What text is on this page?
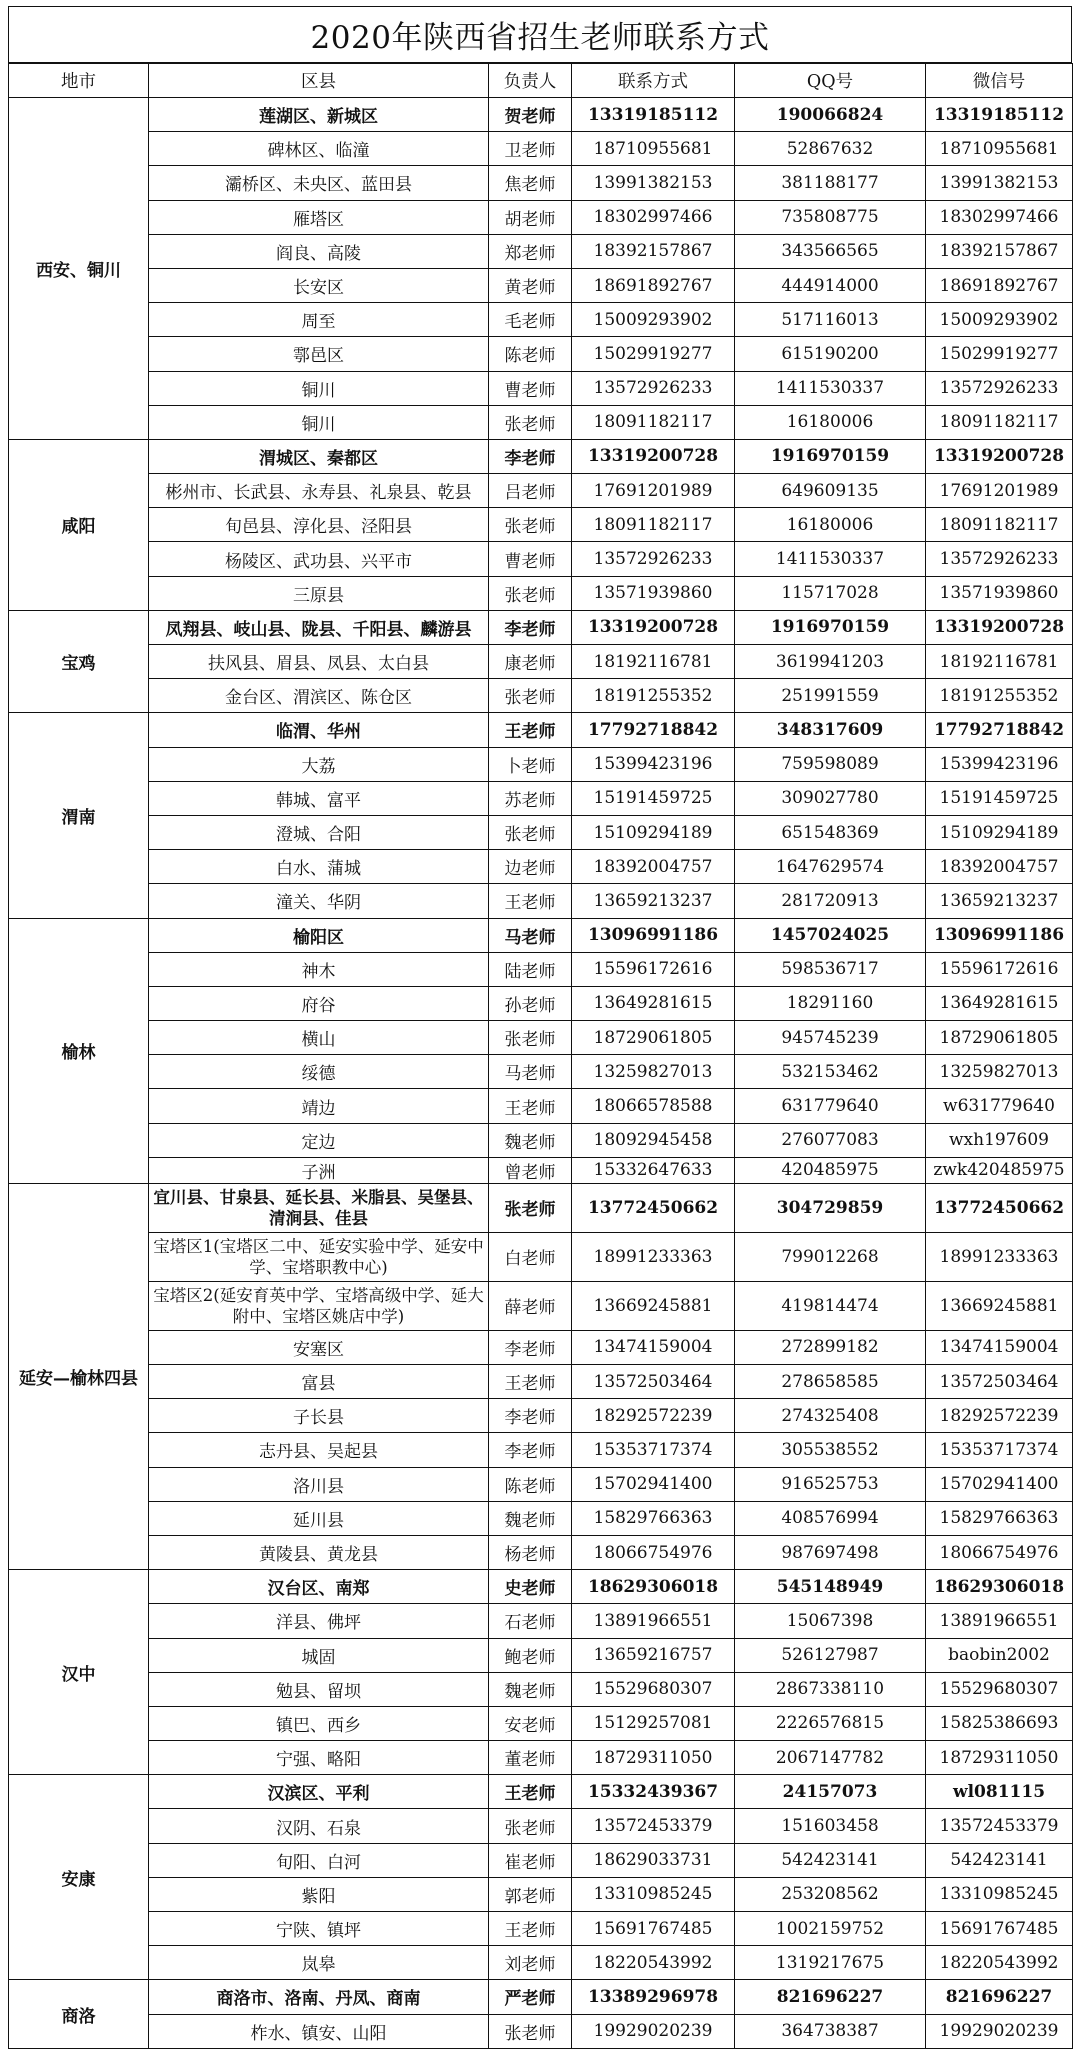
2020年陕西省招生老师联系方式
地市	区县	负责人	联系方式	QQ号	微信号
西安、铜川	莲湖区、新城区	贺老师	13319185112	190066824	13319185112
	碑林区、临潼	卫老师	18710955681	52867632	18710955681
	灞桥区、未央区、蓝田县	焦老师	13991382153	381188177	13991382153
	雁塔区	胡老师	18302997466	735808775	18302997466
	阎良、高陵	郑老师	18392157867	343566565	18392157867
	长安区	黄老师	18691892767	444914000	18691892767
	周至	毛老师	15009293902	517116013	15009293902
	鄠邑区	陈老师	15029919277	615190200	15029919277
	铜川	曹老师	13572926233	1411530337	13572926233
	铜川	张老师	18091182117	16180006	18091182117
咸阳	渭城区、秦都区	李老师	13319200728	1916970159	13319200728
	彬州市、长武县、永寿县、礼泉县、乾县	吕老师	17691201989	649609135	17691201989
	旬邑县、淳化县、泾阳县	张老师	18091182117	16180006	18091182117
	杨陵区、武功县、兴平市	曹老师	13572926233	1411530337	13572926233
	三原县	张老师	13571939860	115717028	13571939860
宝鸡	凤翔县、岐山县、陇县、千阳县、麟游县	李老师	13319200728	1916970159	13319200728
	扶风县、眉县、凤县、太白县	康老师	18192116781	3619941203	18192116781
	金台区、渭滨区、陈仓区	张老师	18191255352	251991559	18191255352
渭南	临渭、华州	王老师	17792718842	348317609	17792718842
	大荔	卜老师	15399423196	759598089	15399423196
	韩城、富平	苏老师	15191459725	309027780	15191459725
	澄城、合阳	张老师	15109294189	651548369	15109294189
	白水、蒲城	边老师	18392004757	1647629574	18392004757
	潼关、华阴	王老师	13659213237	281720913	13659213237
榆林	榆阳区	马老师	13096991186	1457024025	13096991186
	神木	陆老师	15596172616	598536717	15596172616
	府谷	孙老师	13649281615	18291160	13649281615
	横山	张老师	18729061805	945745239	18729061805
	绥德	马老师	13259827013	532153462	13259827013
	靖边	王老师	18066578588	631779640	w631779640
	定边	魏老师	18092945458	276077083	wxh197609
	子洲	曾老师	15332647633	420485975	zwk420485975
延安—榆林四县	宜川县、甘泉县、延长县、米脂县、吴堡县、清涧县、佳县	张老师	13772450662	304729859	13772450662
	宝塔区1(宝塔区二中、延安实验中学、延安中学、宝塔职教中心)	白老师	18991233363	799012268	18991233363
	宝塔区2(延安育英中学、宝塔高级中学、延大附中、宝塔区姚店中学)	薛老师	13669245881	419814474	13669245881
	安塞区	李老师	13474159004	272899182	13474159004
	富县	王老师	13572503464	278658585	13572503464
	子长县	李老师	18292572239	274325408	18292572239
	志丹县、吴起县	李老师	15353717374	305538552	15353717374
	洛川县	陈老师	15702941400	916525753	15702941400
	延川县	魏老师	15829766363	408576994	15829766363
	黄陵县、黄龙县	杨老师	18066754976	987697498	18066754976
汉中	汉台区、南郑	史老师	18629306018	545148949	18629306018
	洋县、佛坪	石老师	13891966551	15067398	13891966551
	城固	鲍老师	13659216757	526127987	baobin2002
	勉县、留坝	魏老师	15529680307	2867338110	15529680307
	镇巴、西乡	安老师	15129257081	2226576815	15825386693
	宁强、略阳	董老师	18729311050	2067147782	18729311050
安康	汉滨区、平利	王老师	15332439367	24157073	wl081115
	汉阴、石泉	张老师	13572453379	151603458	13572453379
	旬阳、白河	崔老师	18629033731	542423141	542423141
	紫阳	郭老师	13310985245	253208562	13310985245
	宁陕、镇坪	王老师	15691767485	1002159752	15691767485
	岚皋	刘老师	18220543992	1319217675	18220543992
商洛	商洛市、洛南、丹凤、商南	严老师	13389296978	821696227	821696227
	柞水、镇安、山阳	张老师	19929020239	364738387	19929020239
